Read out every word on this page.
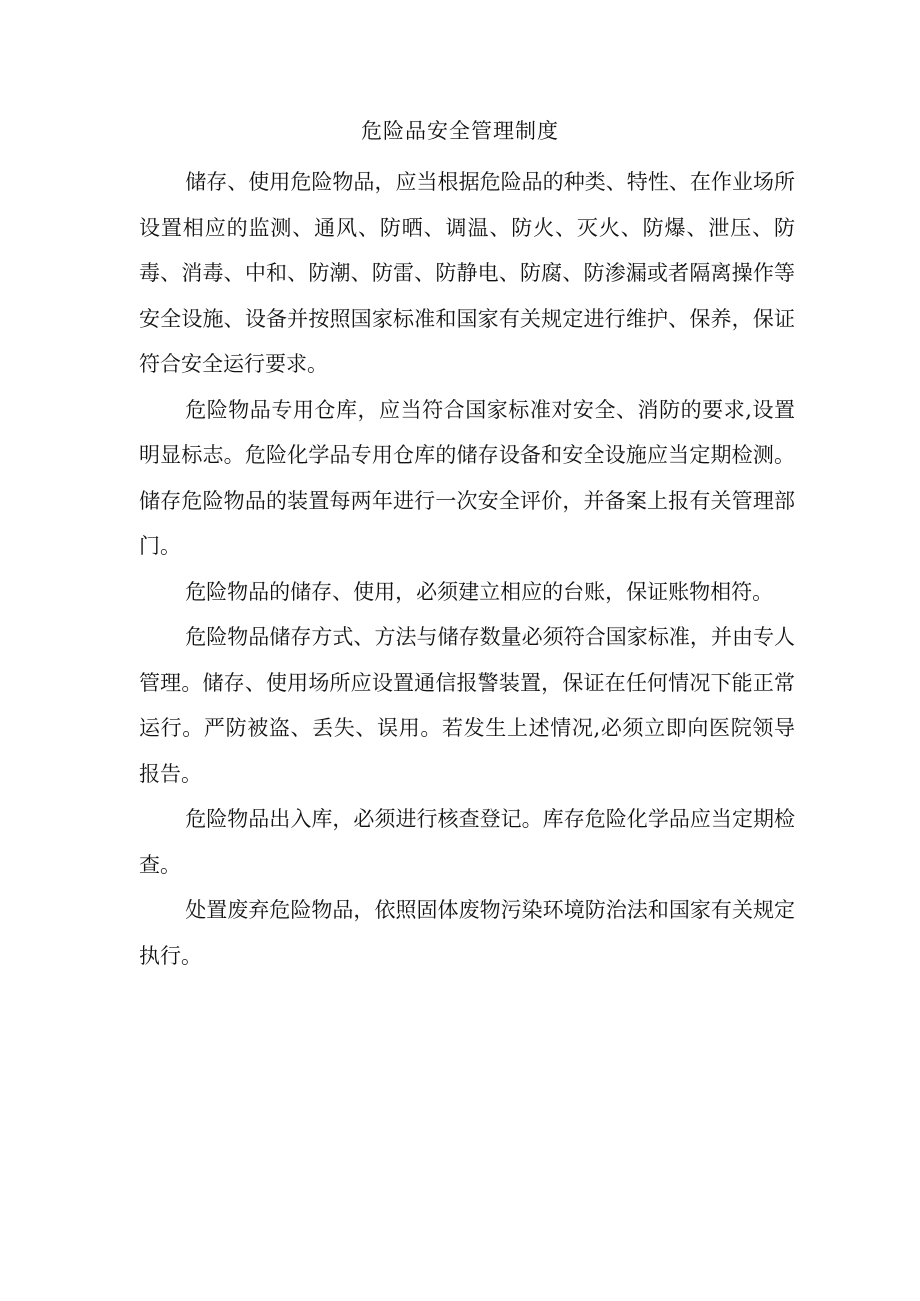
危险品安全管理制度

储存、使用危险物品，应当根据危险品的种类、特性、在作业场所设置相应的监测、通风、防晒、调温、防火、灭火、防爆、泄压、防毒、消毒、中和、防潮、防雷、防静电、防腐、防渗漏或者隔离操作等安全设施、设备并按照国家标准和国家有关规定进行维护、保养，保证符合安全运行要求。

危险物品专用仓库，应当符合国家标准对安全、消防的要求,设置明显标志。危险化学品专用仓库的储存设备和安全设施应当定期检测。储存危险物品的装置每两年进行一次安全评价，并备案上报有关管理部门。

危险物品的储存、使用，必须建立相应的台账，保证账物相符。

危险物品储存方式、方法与储存数量必须符合国家标准，并由专人管理。储存、使用场所应设置通信报警装置，保证在任何情况下能正常运行。严防被盗、丢失、误用。若发生上述情况,必须立即向医院领导报告。

危险物品出入库，必须进行核查登记。库存危险化学品应当定期检查。

处置废弃危险物品，依照固体废物污染环境防治法和国家有关规定执行。
